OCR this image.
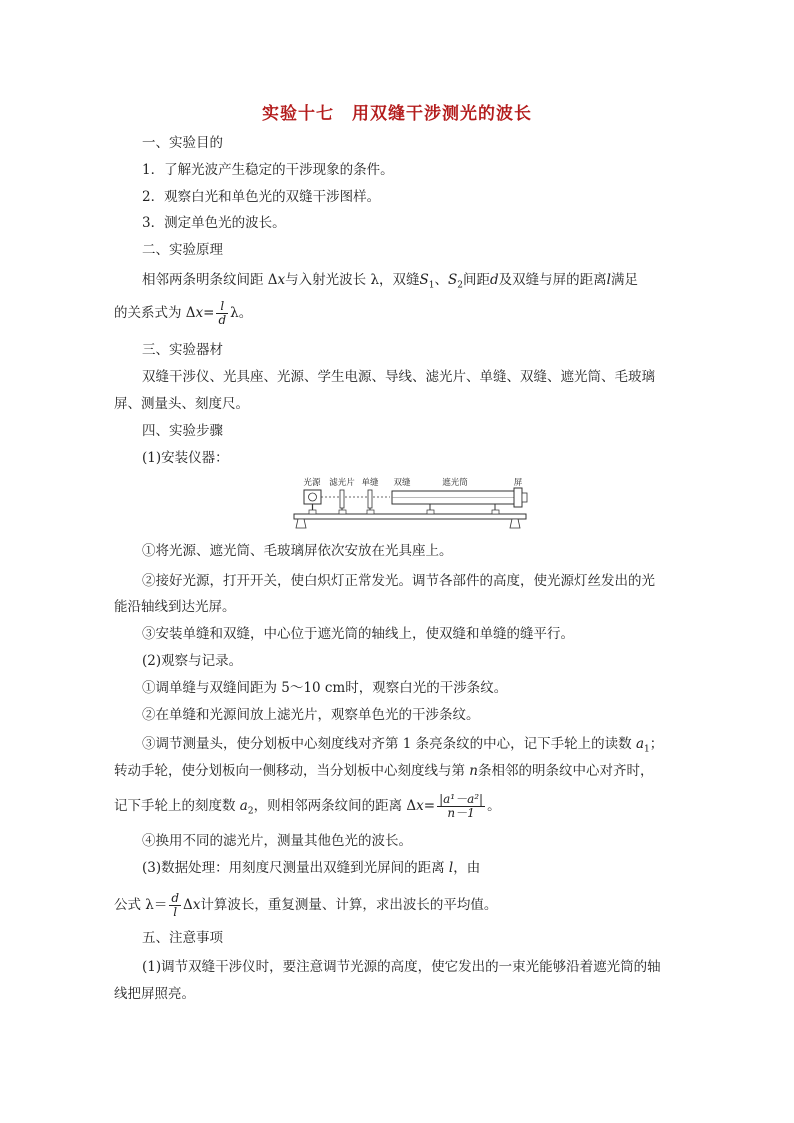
实验十七　用双缝干涉测光的波长
一、实验目的
1．了解光波产生稳定的干涉现象的条件。
2．观察白光和单色光的双缝干涉图样。
3．测定单色光的波长。
二、实验原理
相邻两条明条纹间距 Δx与入射光波长 λ，双缝$S_1$、$S_2$间距d及双缝与屏的距离l满足
的关系式为 $\Delta x= \frac{l}{d}$ λ。
三、实验器材
双缝干涉仪、光具座、光源、学生电源、导线、滤光片、单缝、双缝、遮光筒、毛玻璃
屏、测量头、刻度尺。
四、实验步骤
(1)安装仪器：
光源 滤光片 单缝 双缝	遮光筒	屏
①将光源、遮光筒、毛玻璃屏依次安放在光具座上。
②接好光源，打开开关，使白炽灯正常发光。调节各部件的高度，使光源灯丝发出的光
能沿轴线到达光屏。
③安装单缝和双缝，中心位于遮光筒的轴线上，使双缝和单缝的缝平行。
(2)观察与记录。
①调单缝与双缝间距为 5～10 cm时，观察白光的干涉条纹。
②在单缝和光源间放上滤光片，观察单色光的干涉条纹。
③调节测量头，使分划板中心刻度线对齐第 1 条亮条纹的中心，记下手轮上的读数 $a_1$；
转动手轮，使分划板向一侧移动，当分划板中心刻度线与第 n条相邻的明条纹中心对齐时，
记下手轮上的刻度数 $a_2$，则相邻两条纹间的距离 $\Delta x= \frac{\text{|a¹－a²|}}{n-1}$ 。
④换用不同的滤光片，测量其他色光的波长。
(3)数据处理：用刻度尺测量出双缝到光屏间的距离 l，由
公式 $\lambda= \frac{d}{l}$ Δx计算波长，重复测量、计算，求出波长的平均值。
五、注意事项
(1)调节双缝干涉仪时，要注意调节光源的高度，使它发出的一束光能够沿着遮光筒的轴
线把屏照亮。
